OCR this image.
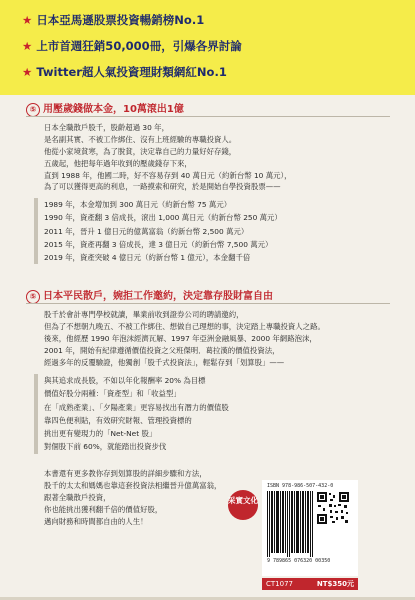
★ 日本亞馬遜股票投資暢銷榜No.1
★ 上市首週狂銷50,000冊，引爆各界討論
★ Twitter超人氣投資理財類網紅No.1
⑤ 用壓歲錢做本金，10萬滾出1億
日本全職散戶股千，股齡超過 30 年，
是名副其實、不被工作綁住、沒有上班經驗的專職投資人。
他從小家境貧寒，為了脫貧，決定靠自己的力量好好存錢，
五歲起，他把每年過年收到的壓歲錢存下來，
直到 1988 年，他國二時，好不容易存到 40 萬日元（約新台幣 10 萬元），
為了可以獲得更高的利息，一路摸索和研究，於是開始自學投資股票——
1989 年，本金增加到 300 萬日元（約新台幣 75 萬元）
1990 年，資產翻 3 倍成長，滾出 1,000 萬日元（約新台幣 250 萬元）
2011 年，晉升 1 億日元的億萬富翁（約新台幣 2,500 萬元）
2015 年，資產再翻 3 倍成長，達 3 億日元（約新台幣 7,500 萬元）
2019 年，資產突破 4 億日元（約新台幣 1 億元），本金翻千倍
⑤ 日本平民散戶，婉拒工作邀約，決定靠存股財富自由
股千於會計專門學校就讀，畢業前收到證券公司的聘請邀約，
但為了不想朝九晚五、不被工作綁住、想做自己理想的事，決定踏上專職投資人之路。
後來，他經歷 1990 年泡沫經濟瓦解、1997 年亞洲金融風暴、2000 年網路泡沫，
2001 年，開始有紀律遵循價值投資之父班傑明．葛拉漢的價值投資法，
經過多年的反覆驗證，他獨創「股千式投資法」，輕鬆存到「划算股」——
與其追求成長股，不如以年化報酬率 20% 為目標
價值好股分兩種：「資產型」和「收益型」
在「成熟產業」、「夕陽產業」更容易找出有潛力的價值股
靠四色便利貼，有效研究財報、管理投資標的
挑出更有變現力的「Net-Net 股」
對個股下前 60%，就能踏出投資步伐
本書還有更多教你存到划算股的詳細步驟和方法，
股千的太太和媽媽也靠這套投資法相繼晉升億萬富翁，
跟著全職散戶投資，
你也能挑出獲利翻千倍的價值好股，
邁向財務和時間都自由的人生！
采實文化
ISBN 978-986-507-432-0
9 789865 076320 00350
CT1077	NT$350元
